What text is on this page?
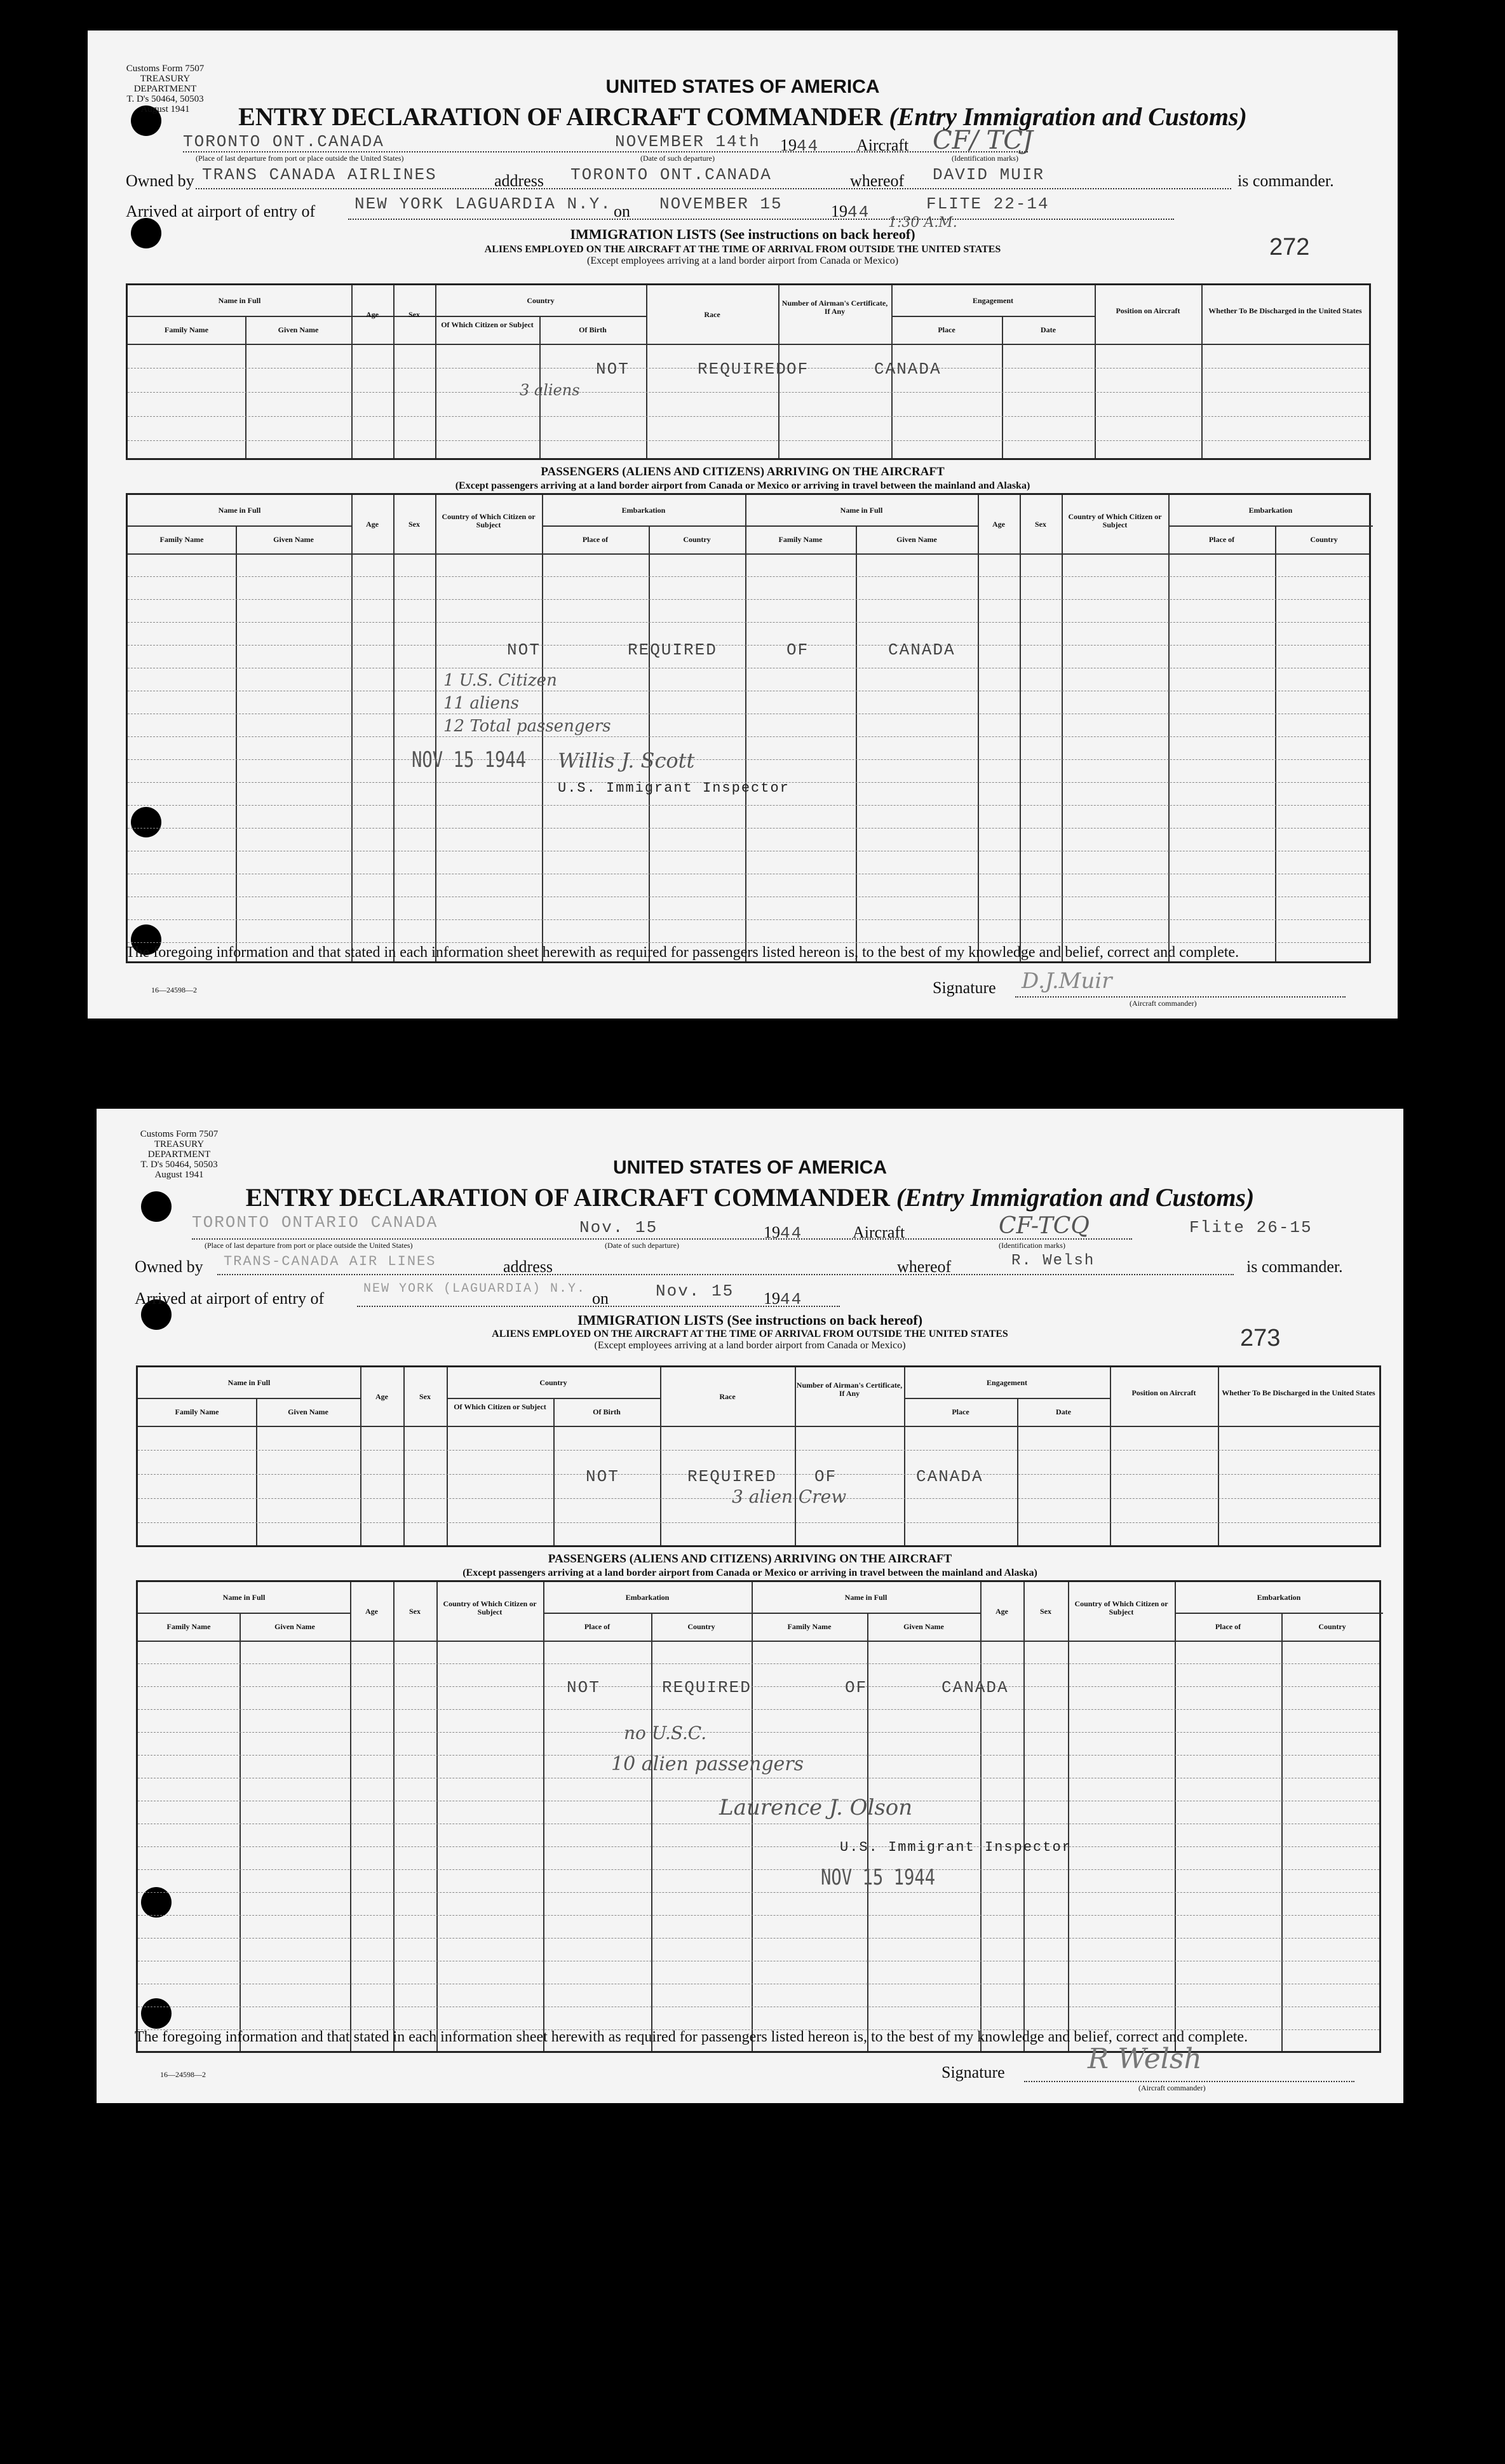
Customs Form 7507
TREASURY DEPARTMENT
T. D's 50464, 50503
August 1941
UNITED STATES OF AMERICA
ENTRY DECLARATION OF AIRCRAFT COMMANDER (Entry Immigration and Customs)
TORONTO ONT.CANADA	NOVEMBER 14th 1944 Aircraft CF/ TCJ
(Place of last departure from port or place outside the United States)	(Date of such departure)	(Identification marks)
Owned by TRANS CANADA AIRLINES	address TORONTO ONT.CANADA	whereof DAVID MUIR	is commander.
Arrived at airport of entry of NEW YORK LAGUARDIA N.Y. on NOVEMBER 15	1944	FLITE 22-14
1:30 A.M.
272
IMMIGRATION LISTS (See instructions on back hereof)
ALIENS EMPLOYED ON THE AIRCRAFT AT THE TIME OF ARRIVAL FROM OUTSIDE THE UNITED STATES
(Except employees arriving at a land border airport from Canada or Mexico)
Name in Full
Family Name	Given Name
Age	Sex
Country
Of Which Citizen or Subject
Of Birth
Race
Number of Airman's Certificate, If Any
Engagement
Place	Date
Position on Aircraft	Whether To Be Discharged in the United States
NOT	REQUIRED OF	CANADA
3 aliens
PASSENGERS (ALIENS AND CITIZENS) ARRIVING ON THE AIRCRAFT
(Except passengers arriving at a land border airport from Canada or Mexico or arriving in travel between the mainland and Alaska)
Name in Full
Family Name	Given Name
Age	Sex
Country of Which Citizen or Subject
Embarkation
Place of	Country
Name in Full
Family Name	Given Name
Age	Sex
Country of Which Citizen or Subject
Embarkation
Place of	Country
NOT	REQUIRED	OF	CANADA
1 U.S. Citizen
11 aliens
12 Total passengers
NOV 15 1944 Willis J. Scott
U.S. Immigrant Inspector
The foregoing information and that stated in each information sheet herewith as required for passengers listed hereon is, to the best of my knowledge and belief, correct and complete.
16—24598—2	Signature D.J.Muir
(Aircraft commander)
Customs Form 7507
TREASURY DEPARTMENT
T. D's 50464, 50503
August 1941	UNITED STATES OF AMERICA
ENTRY DECLARATION OF AIRCRAFT COMMANDER (Entry Immigration and Customs)
TORONTO ONTARIO CANADA	Nov. 15	1944	Aircraft	CF-TCQ	Flite 26-15
(Place of last departure from port or place outside the United States)	(Date of such departure)	(Identification marks)
Owned by TRANS-CANADA AIR LINES	address	whereof	R. Welsh	is commander.
Arrived at airport of entry of
NEW YORK (LAGUARDIA) N.Y.
on	Nov. 15 1944
273
IMMIGRATION LISTS (See instructions on back hereof)
ALIENS EMPLOYED ON THE AIRCRAFT AT THE TIME OF ARRIVAL FROM OUTSIDE THE UNITED STATES
(Except employees arriving at a land border airport from Canada or Mexico)
Name in Full
Family Name	Given Name
Age	Sex
Country
Of Which Citizen or Subject
Of Birth
Race
Number of Airman's Certificate, If Any
Engagement
Place	Date
Position on Aircraft	Whether To Be Discharged in the United States
NOT	REQUIRED OF	CANADA
3 alien Crew
PASSENGERS (ALIENS AND CITIZENS) ARRIVING ON THE AIRCRAFT
(Except passengers arriving at a land border airport from Canada or Mexico or arriving in travel between the mainland and Alaska)
Name in Full
Family Name	Given Name
Age	Sex
Country of Which Citizen or Subject
Embarkation
Place of	Country
Name in Full
Family Name	Given Name
Age	Sex
Country of Which Citizen or Subject
Embarkation
Place of	Country
NOT	REQUIRED	OF	CANADA
no U.S.C.
10 alien passengers
Laurence J. Olson
U.S. Immigrant Inspector
NOV 15 1944
The foregoing information and that stated in each information sheet herewith as required for passengers listed hereon is, to the best of my knowledge and belief, correct and complete.
16—24598—2	Signature	R Welsh
(Aircraft commander)
